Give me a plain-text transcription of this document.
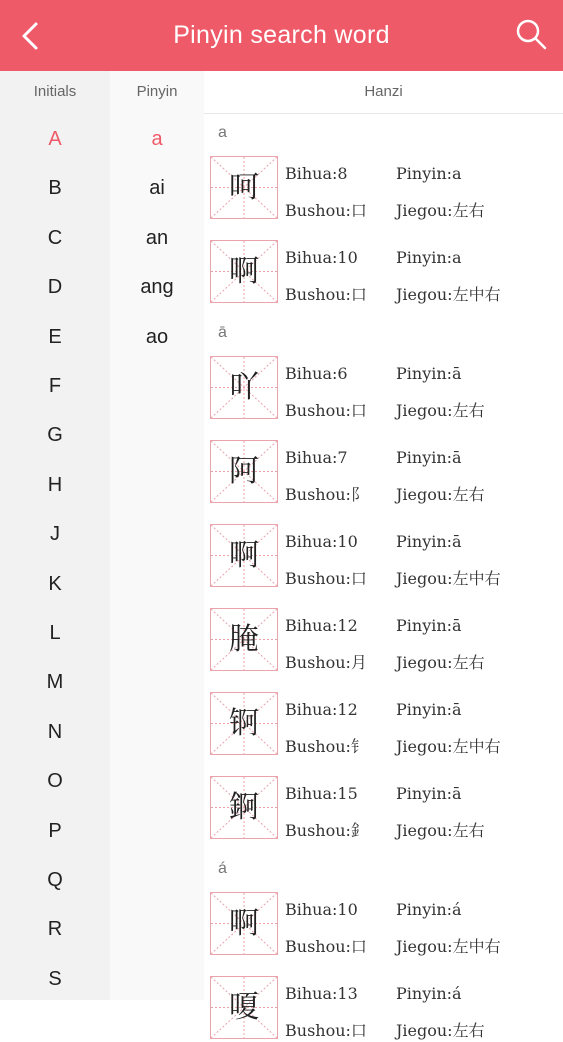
Pinyin search word
Initials	Pinyin	Hanzi
A
B
C
D
E
F
G
H
J
K
L
M
N
O
P
Q
R
S
a
ai
an
ang
ao
a
呵	Bihua:8	Pinyin:a
Bushou:口 Jiegou:左右
啊	Bihua:10 Pinyin:a
Bushou:口 Jiegou:左中右
ā
吖	Bihua:6	Pinyin:ā
Bushou:口 Jiegou:左右
阿	Bihua:7	Pinyin:ā
Bushou:阝 Jiegou:左右
啊	Bihua:10 Pinyin:ā
Bushou:口 Jiegou:左中右
腌	Bihua:12 Pinyin:ā
Bushou:月 Jiegou:左右
锕	Bihua:12 Pinyin:ā
Bushou:钅 Jiegou:左中右
錒	Bihua:15 Pinyin:ā
Bushou:釒 Jiegou:左右
á
啊	Bihua:10 Pinyin:á
Bushou:口 Jiegou:左中右
嗄	Bihua:13 Pinyin:á
Bushou:口 Jiegou:左右
